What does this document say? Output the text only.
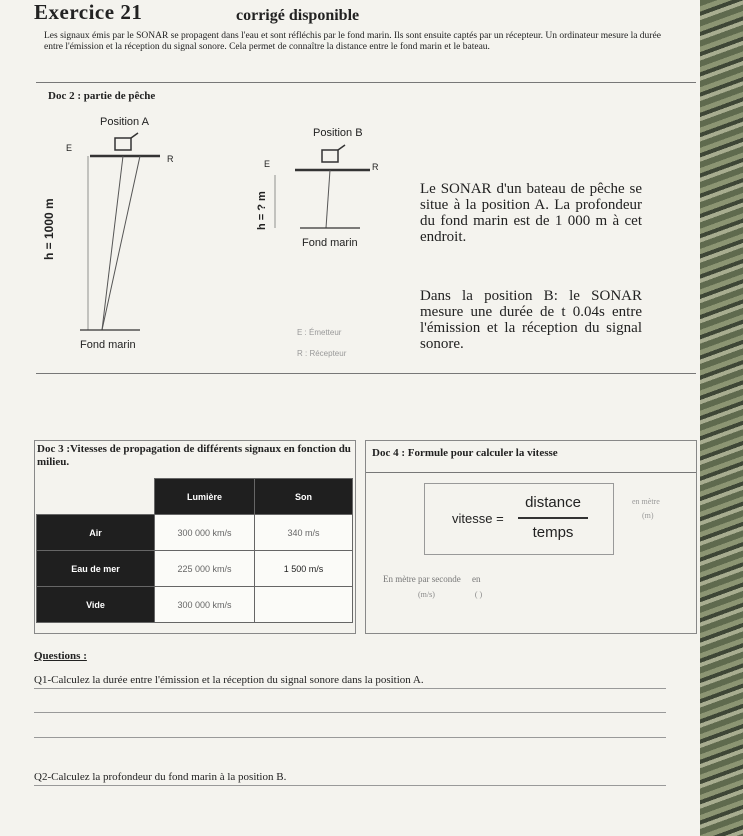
Exercice 21	corrigé disponible
Les signaux émis par le SONAR se propagent dans l'eau et sont réfléchis par le fond marin. Ils sont ensuite captés par un récepteur. Un ordinateur mesure la durée entre l'émission et la réception du signal sonore. Cela permet de connaître la distance entre le fond marin et le bateau.
Doc 2 : partie de pêche
Position A
Position B
E
R	E	R
h = 1000 m	h = ? m
Fond marin
Fond marin
E : Émetteur
R : Récepteur
Le SONAR d'un bateau de pêche se situe à la position A. La profondeur du fond marin est de 1 000 m à cet endroit.
Dans la position B: le SONAR mesure une durée de t 0.04s entre l'émission et la réception du signal sonore.
Doc 3 :Vitesses de propagation de différents signaux en fonction du milieu.
	Lumière	Son
Air	300 000 km/s	340 m/s
Eau de mer	225 000 km/s	1 500 m/s
Vide	300 000 km/s	
Doc 4 : Formule pour calculer la vitesse
vitesse =
distance
temps
en mètre
(m)
En mètre par seconde     en
(m/s)                    ( )
Questions :
Q1-Calculez la durée entre l'émission et la réception du signal sonore dans la position A.
Q2-Calculez la profondeur du fond marin à la position B.
